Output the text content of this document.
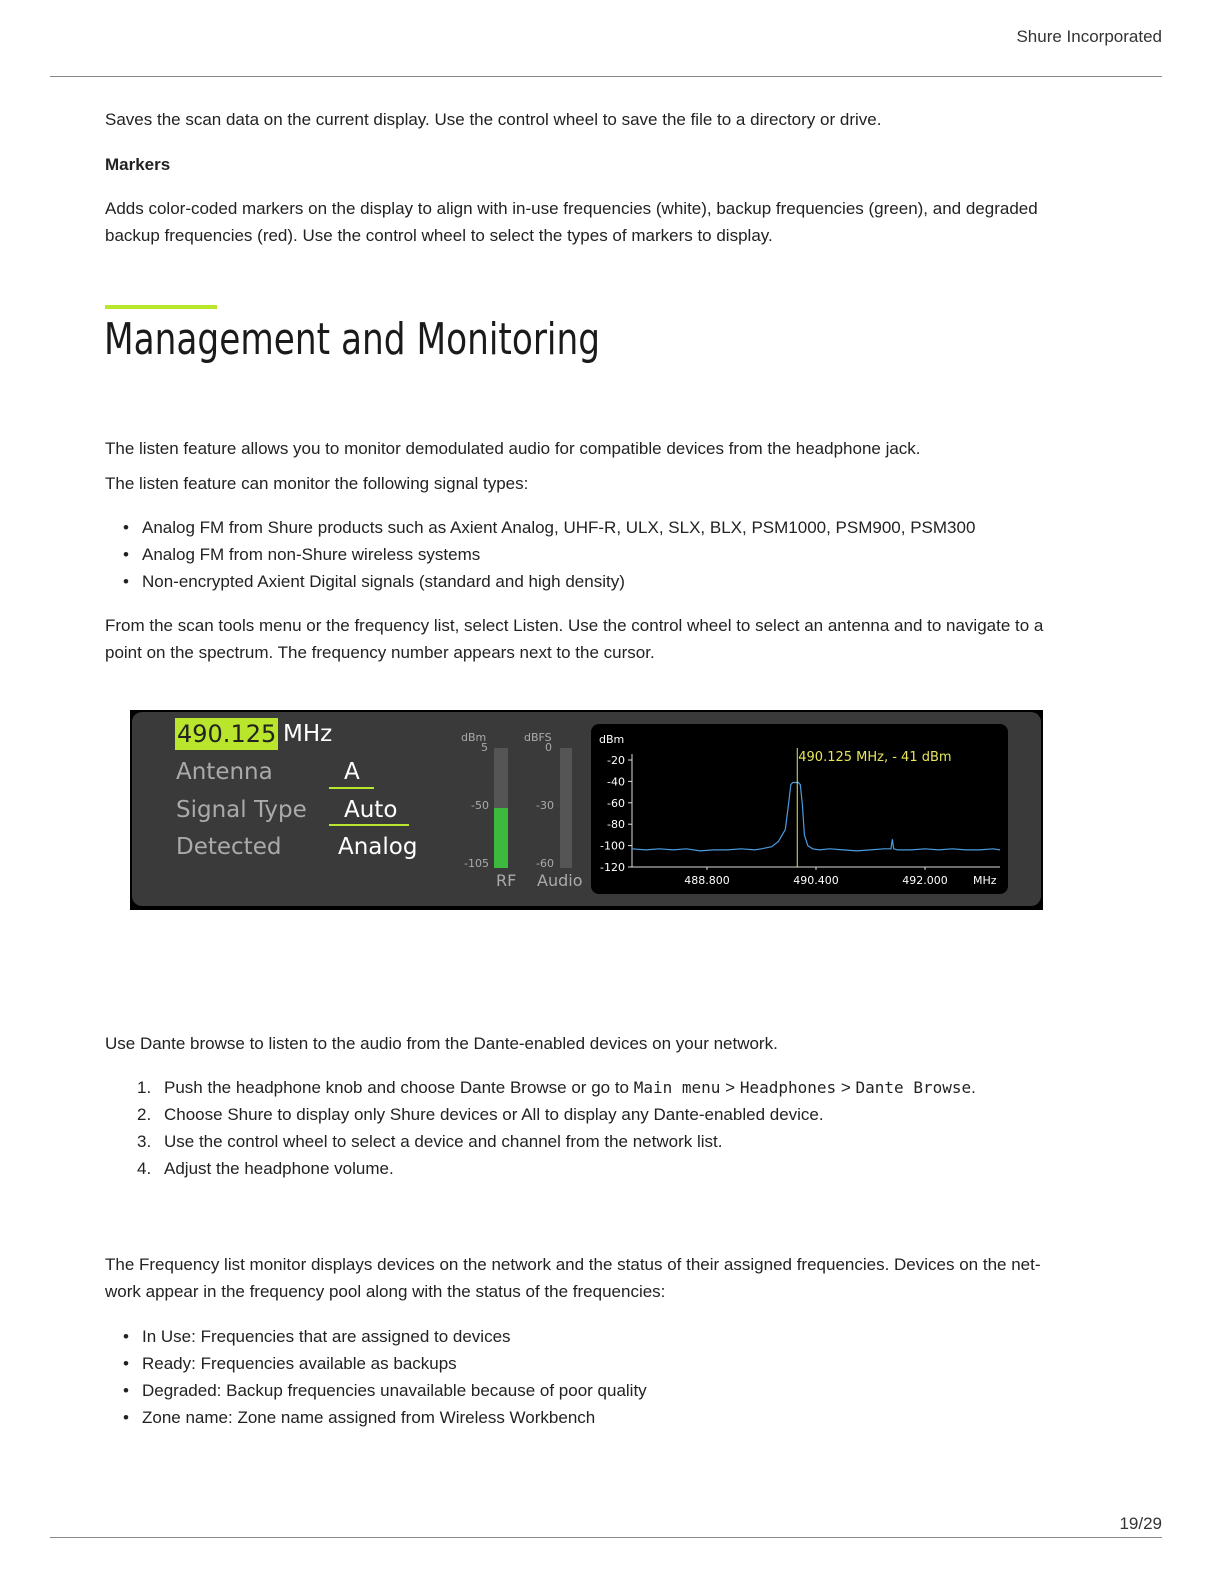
Shure Incorporated

Saves the scan data on the current display. Use the control wheel to save the file to a directory or drive.

Markers

Adds color-coded markers on the display to align with in-use frequencies (white), backup frequencies (green), and degraded

backup frequencies (red). Use the control wheel to select the types of markers to display.

Management and Monitoring

The listen feature allows you to monitor demodulated audio for compatible devices from the headphone jack.

The listen feature can monitor the following signal types:

• Analog FM from Shure products such as Axient Analog, UHF-R, ULX, SLX, BLX, PSM1000, PSM900, PSM300
• Analog FM from non-Shure wireless systems
• Non-encrypted Axient Digital signals (standard and high density)

From the scan tools menu or the frequency list, select Listen. Use the control wheel to select an antenna and to navigate to a

point on the spectrum. The frequency number appears next to the cursor.

490.125 MHz
Antenna	A
Signal Type Auto
Detected Analog
dBm
5
-50
-105
RF
dBFS
0
-30
-60
Audio
dBm
-20
-40
-60
-80
-100
-120
488.800	490.400	492.000 MHz
490.125 MHz, - 41 dBm

Use Dante browse to listen to the audio from the Dante-enabled devices on your network.

1. Push the headphone knob and choose Dante Browse or go to Main menu > Headphones > Dante Browse.
2. Choose Shure to display only Shure devices or All to display any Dante-enabled device.
3. Use the control wheel to select a device and channel from the network list.
4. Adjust the headphone volume.

The Frequency list monitor displays devices on the network and the status of their assigned frequencies. Devices on the net-

work appear in the frequency pool along with the status of the frequencies:

• In Use: Frequencies that are assigned to devices
• Ready: Frequencies available as backups
• Degraded: Backup frequencies unavailable because of poor quality
• Zone name: Zone name assigned from Wireless Workbench
19/29
